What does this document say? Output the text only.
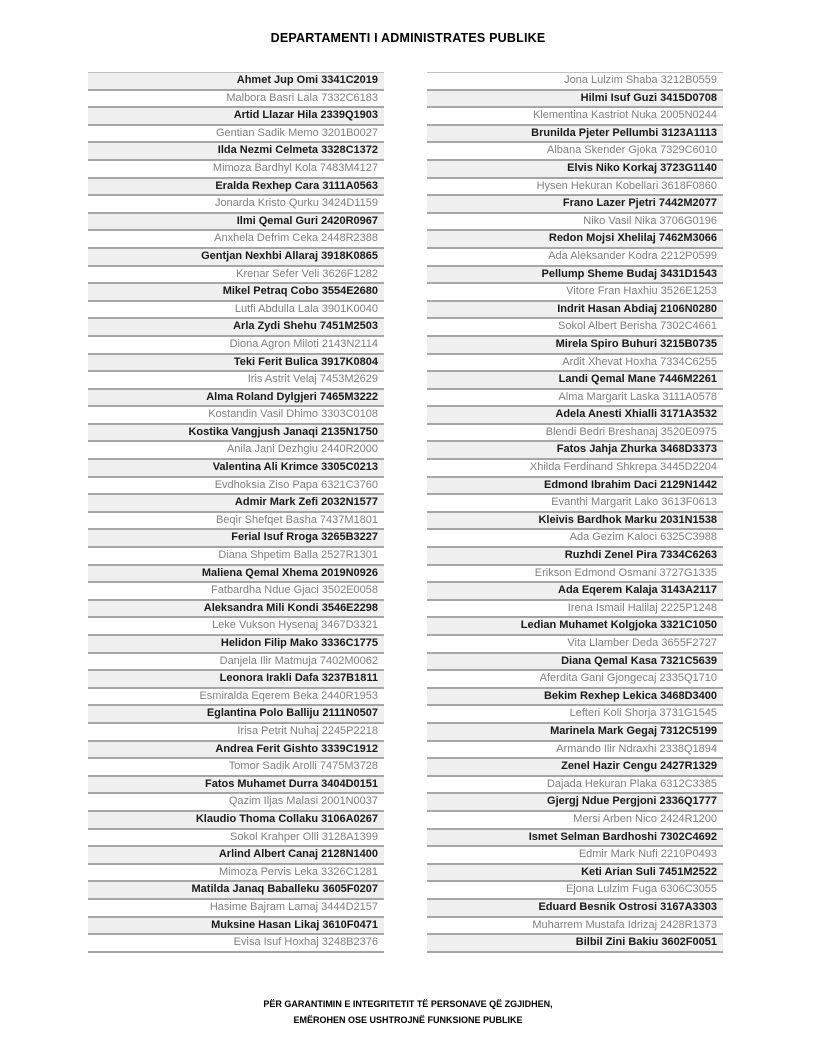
DEPARTAMENTI I ADMINISTRATES PUBLIKE
Ahmet Jup Omi 3341C2019
Malbora Basri Lala 7332C6183
Artid Llazar Hila 2339Q1903
Gentian Sadik Memo 3201B0027
Ilda Nezmi Celmeta 3328C1372
Mimoza Bardhyl Kola 7483M4127
Eralda Rexhep Cara 3111A0563
Jonarda Kristo Qurku 3424D1159
Ilmi Qemal Guri 2420R0967
Anxhela Defrim Ceka 2448R2388
Gentjan Nexhbi Allaraj 3918K0865
Krenar Sefer Veli 3626F1282
Mikel Petraq Cobo 3554E2680
Lutfi Abdulla Lala 3901K0040
Arla Zydi Shehu 7451M2503
Diona Agron Miloti 2143N2114
Teki Ferit Bulica 3917K0804
Iris Astrit Velaj 7453M2629
Alma Roland Dylgjeri 7465M3222
Kostandin Vasil Dhimo 3303C0108
Kostika Vangjush Janaqi 2135N1750
Anila Jani Dezhgiu 2440R2000
Valentina Ali Krimce 3305C0213
Evdhoksia Ziso Papa 6321C3760
Admir Mark Zefi 2032N1577
Beqir Shefqet Basha 7437M1801
Ferial Isuf Rroga 3265B3227
Diana Shpetim Balla 2527R1301
Maliena Qemal Xhema 2019N0926
Fatbardha Ndue Gjaci 3502E0058
Aleksandra Mili Kondi 3546E2298
Leke Vukson Hysenaj 3467D3321
Helidon Filip Mako 3336C1775
Danjela Ilir Matmuja 7402M0062
Leonora Irakli Dafa 3237B1811
Esmiralda Eqerem Beka 2440R1953
Eglantina Polo Balliju 2111N0507
Irisa Petrit Nuhaj 2245P2218
Andrea Ferit Gishto 3339C1912
Tomor Sadik Arolli 7475M3728
Fatos Muhamet Durra 3404D0151
Qazim Iljas Malasi 2001N0037
Klaudio Thoma Collaku 3106A0267
Sokol Krahper Olli 3128A1399
Arlind Albert Canaj 2128N1400
Mimoza Pervis Leka 3326C1281
Matilda Janaq Baballeku 3605F0207
Hasime Bajram Lamaj 3444D2157
Muksine Hasan Likaj 3610F0471
Evisa Isuf Hoxhaj 3248B2376
Jona Lulzim Shaba 3212B0559
Hilmi Isuf Guzi 3415D0708
Klementina Kastriot Nuka 2005N0244
Brunilda Pjeter Pellumbi 3123A1113
Albana Skender Gjoka 7329C6010
Elvis Niko Korkaj 3723G1140
Hysen Hekuran Kobellari 3618F0860
Frano Lazer Pjetri 7442M2077
Niko Vasil Nika 3706G0196
Redon Mojsi Xhelilaj 7462M3066
Ada Aleksander Kodra 2212P0599
Pellump Sheme Budaj 3431D1543
Vitore Fran Haxhiu 3526E1253
Indrit Hasan Abdiaj 2106N0280
Sokol Albert Berisha 7302C4661
Mirela Spiro Buhuri 3215B0735
Ardit Xhevat Hoxha 7334C6255
Landi Qemal Mane 7446M2261
Alma Margarit Laska 3111A0578
Adela Anesti Xhialli 3171A3532
Blendi Bedri Breshanaj 3520E0975
Fatos Jahja Zhurka 3468D3373
Xhilda Ferdinand Shkrepa 3445D2204
Edmond Ibrahim Daci 2129N1442
Evanthi Margarit Lako 3613F0613
Kleivis Bardhok Marku 2031N1538
Ada Gezim Kaloci 6325C3988
Ruzhdi Zenel Pira 7334C6263
Erikson Edmond Osmani 3727G1335
Ada Eqerem Kalaja 3143A2117
Irena Ismail Halilaj 2225P1248
Ledian Muhamet Kolgjoka 3321C1050
Vita Llamber Deda 3655F2727
Diana Qemal Kasa 7321C5639
Aferdita Gani Gjongecaj 2335Q1710
Bekim Rexhep Lekica 3468D3400
Lefteri Koli Shorja 3731G1545
Marinela Mark Gegaj 7312C5199
Armando Ilir Ndraxhi 2338Q1894
Zenel Hazir Cengu 2427R1329
Dajada Hekuran Plaka 6312C3385
Gjergj Ndue Pergjoni 2336Q1777
Mersi Arben Nico 2424R1200
Ismet Selman Bardhoshi 7302C4692
Edmir Mark Nufi 2210P0493
Keti Arian Suli 7451M2522
Ejona Lulzim Fuga 6306C3055
Eduard Besnik Ostrosi 3167A3303
Muharrem Mustafa Idrizaj 2428R1373
Bilbil Zini Bakiu 3602F0051
PËR GARANTIMIN E INTEGRITETIT TË PERSONAVE QË ZGJIDHEN,
EMËROHEN OSE USHTROJNË FUNKSIONE PUBLIKE
